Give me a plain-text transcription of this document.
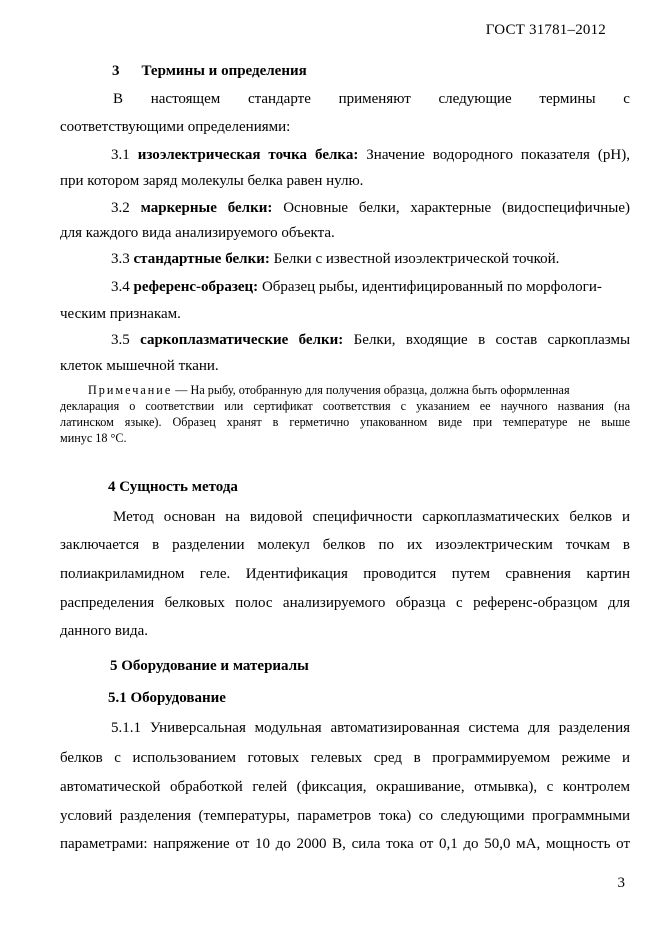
ГОСТ 31781–2012
3 Термины и определения
В настоящем стандарте применяют следующие термины с
соответствующими определениями:
3.1 изоэлектрическая точка белка: Значение водородного показателя (рН),
при котором заряд молекулы белка равен нулю.
3.2 маркерные белки: Основные белки, характерные (видоспецифичные)
для каждого вида анализируемого объекта.
3.3 стандартные белки: Белки с известной изоэлектрической точкой.
3.4 референс-образец: Образец рыбы, идентифицированный по морфологи-
ческим признакам.
3.5 саркоплазматические белки: Белки, входящие в состав саркоплазмы
клеток мышечной ткани.
Примечание — На рыбу, отобранную для получения образца, должна быть оформленная
декларация о соответствии или сертификат соответствия с указанием ее научного названия (на
латинском языке). Образец хранят в герметично упакованном виде при температуре не выше
минус 18 °С.
4 Сущность метода
Метод основан на видовой специфичности саркоплазматических белков и
заключается в разделении молекул белков по их изоэлектрическим точкам в
полиакриламидном геле. Идентификация проводится путем сравнения картин
распределения белковых полос анализируемого образца с референс-образцом для
данного вида.
5 Оборудование и материалы
5.1 Оборудование
5.1.1 Универсальная модульная автоматизированная система для разделения
белков с использованием готовых гелевых сред в программируемом режиме и
автоматической обработкой гелей (фиксация, окрашивание, отмывка), с контролем
условий разделения (температуры, параметров тока) со следующими программными
параметрами: напряжение от 10 до 2000 В, сила тока от 0,1 до 50,0 мА, мощность от
3
